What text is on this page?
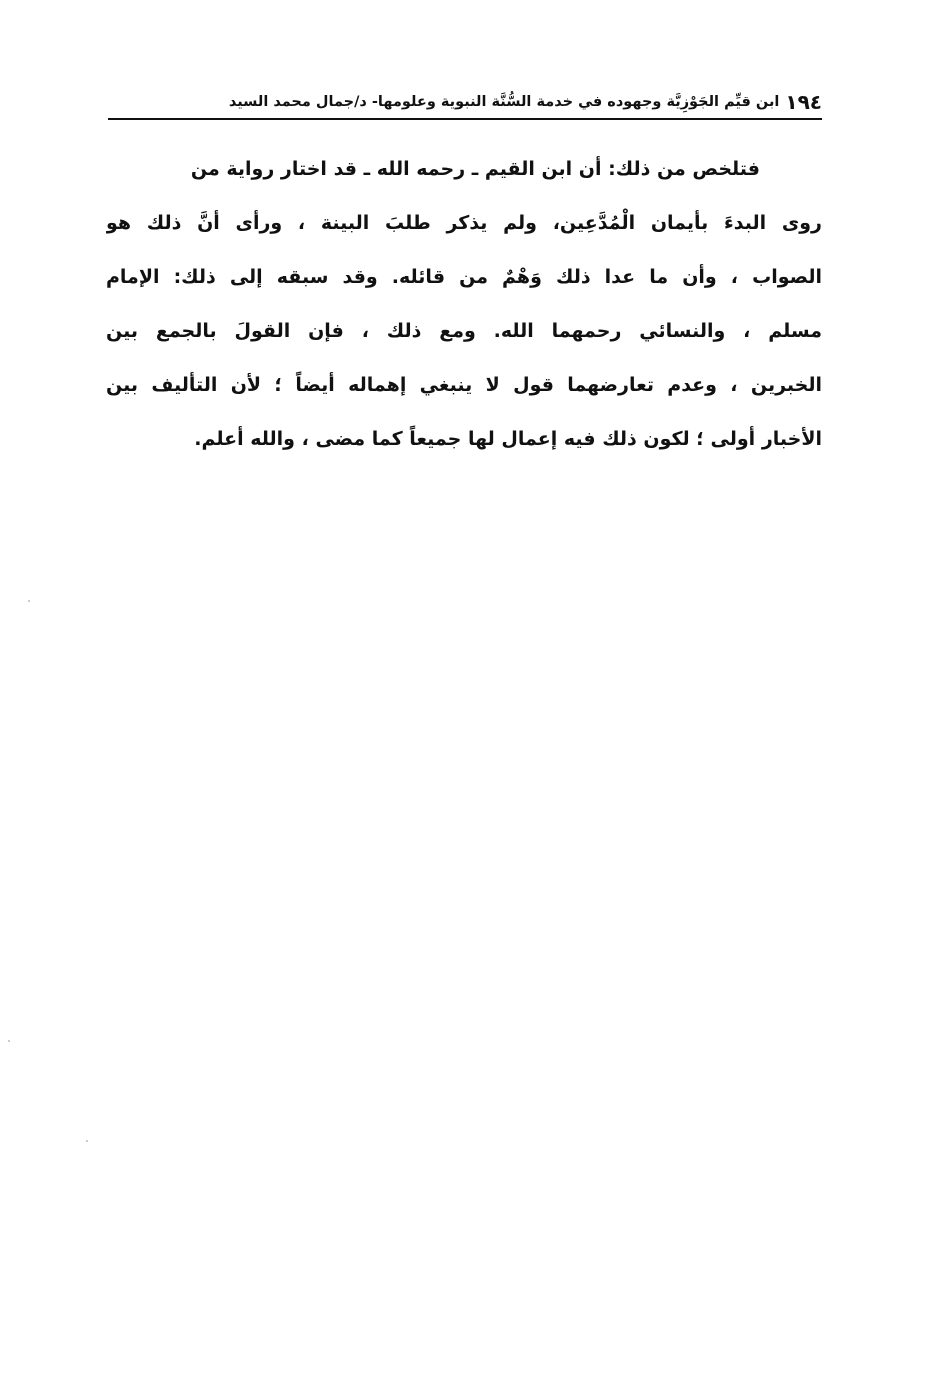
١٩٤
ابن قيِّم الجَوْزِيَّة وجهوده في خدمة السُّنَّة النبوية وعلومها- د/جمال محمد السيد
فتلخص من ذلك: أن ابن القيم ـ رحمه الله ـ قد اختار رواية من
روى البدءَ بأيمان الْمُدَّعِين، ولم يذكر طلبَ البينة ، ورأى أنَّ ذلك هو
الصواب ، وأن ما عدا ذلك وَهْمٌ من قائله. وقد سبقه إلى ذلك: الإمام
مسلم ، والنسائي رحمهما الله. ومع ذلك ، فإن القولَ بالجمع بين
الخبرين ، وعدم تعارضهما قول لا ينبغي إهماله أيضاً ؛ لأن التأليف بين
الأخبار أولى ؛ لكون ذلك فيه إعمال لها جميعاً كما مضى ، والله أعلم.
